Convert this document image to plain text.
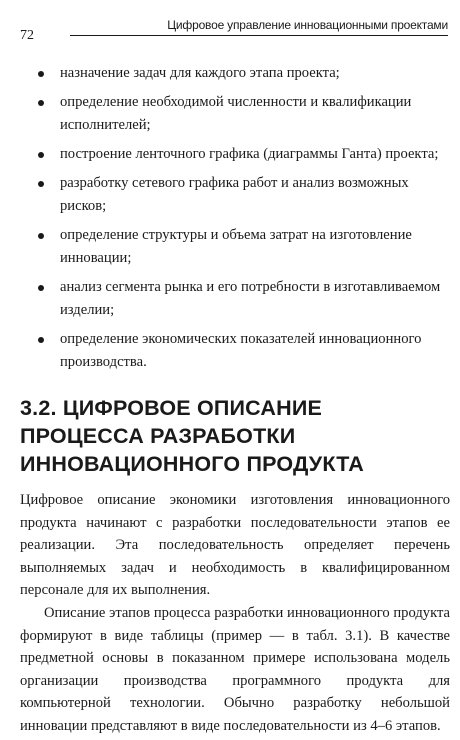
72
Цифровое управление инновационными проектами
назначение задач для каждого этапа проекта;
определение необходимой численности и квалификации исполнителей;
построение ленточного графика (диаграммы Ганта) проекта;
разработку сетевого графика работ и анализ возможных рисков;
определение структуры и объема затрат на изготовление инновации;
анализ сегмента рынка и его потребности в изготавливаемом изделии;
определение экономических показателей инновационного производства.
3.2. ЦИФРОВОЕ ОПИСАНИЕ ПРОЦЕССА РАЗРАБОТКИ ИННОВАЦИОННОГО ПРОДУКТА

Цифровое описание экономики изготовления инновационного продукта начинают с разработки последовательности этапов ее реализации. Эта последовательность определяет перечень выполняемых задач и необходимость в квалифицированном персонале для их выполнения.

Описание этапов процесса разработки инновационного продукта формируют в виде таблицы (пример — в табл. 3.1). В качестве предметной основы в показанном примере использована модель организации производства программного продукта для компьютерной технологии. Обычно разработку небольшой инновации представляют в виде последовательности из 4–6 этапов.
